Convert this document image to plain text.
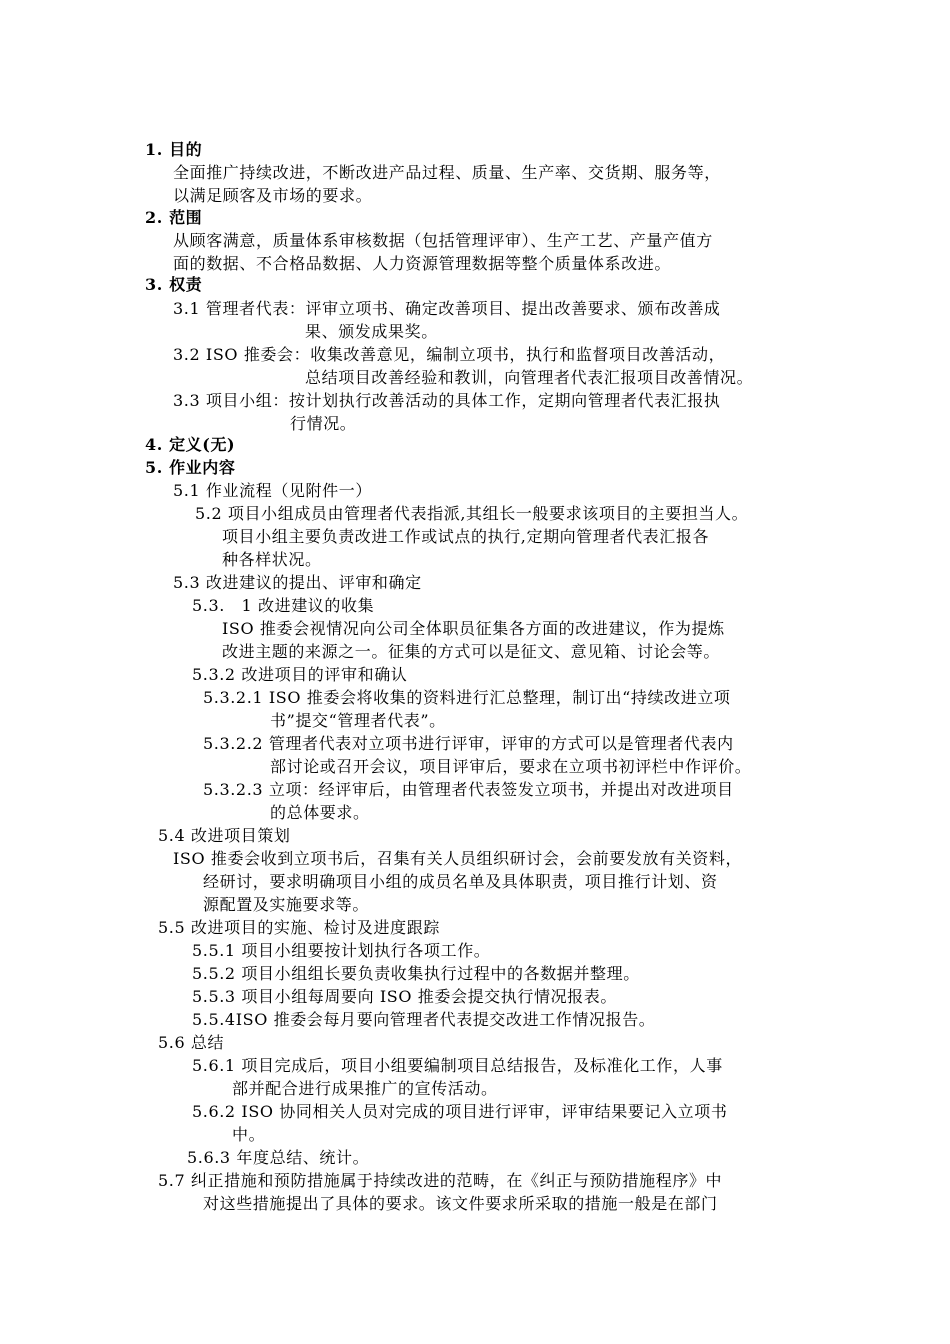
1. 目的
全面推广持续改进，不断改进产品过程、质量、生产率、交货期、服务等，
以满足顾客及市场的要求。
2. 范围
从顾客满意，质量体系审核数据（包括管理评审）、生产工艺、产量产值方
面的数据、不合格品数据、人力资源管理数据等整个质量体系改进。
3. 权责
3.1 管理者代表：评审立项书、确定改善项目、提出改善要求、颁布改善成
果、颁发成果奖。
3.2 ISO 推委会：收集改善意见，编制立项书，执行和监督项目改善活动，
总结项目改善经验和教训，向管理者代表汇报项目改善情况。
3.3 项目小组：按计划执行改善活动的具体工作，定期向管理者代表汇报执
行情况。
4. 定义(无)
5. 作业内容
5.1 作业流程（见附件一）
5.2 项目小组成员由管理者代表指派,其组长一般要求该项目的主要担当人。
项目小组主要负责改进工作或试点的执行,定期向管理者代表汇报各
种各样状况。
5.3 改进建议的提出、评审和确定
5.3.　1 改进建议的收集
ISO 推委会视情况向公司全体职员征集各方面的改进建议，作为提炼
改进主题的来源之一。征集的方式可以是征文、意见箱、讨论会等。
5.3.2 改进项目的评审和确认
5.3.2.1 ISO 推委会将收集的资料进行汇总整理，制订出“持续改进立项
书”提交“管理者代表”。
5.3.2.2 管理者代表对立项书进行评审，评审的方式可以是管理者代表内
部讨论或召开会议，项目评审后，要求在立项书初评栏中作评价。
5.3.2.3 立项：经评审后，由管理者代表签发立项书，并提出对改进项目
的总体要求。
5.4 改进项目策划
ISO 推委会收到立项书后，召集有关人员组织研讨会，会前要发放有关资料，
经研讨，要求明确项目小组的成员名单及具体职责，项目推行计划、资
源配置及实施要求等。
5.5 改进项目的实施、检讨及进度跟踪
5.5.1 项目小组要按计划执行各项工作。
5.5.2 项目小组组长要负责收集执行过程中的各数据并整理。
5.5.3 项目小组每周要向 ISO 推委会提交执行情况报表。
5.5.4ISO 推委会每月要向管理者代表提交改进工作情况报告。
5.6 总结
5.6.1 项目完成后，项目小组要编制项目总结报告，及标准化工作，人事
部并配合进行成果推广的宣传活动。
5.6.2 ISO 协同相关人员对完成的项目进行评审，评审结果要记入立项书
中。
5.6.3 年度总结、统计。
5.7 纠正措施和预防措施属于持续改进的范畴，在《纠正与预防措施程序》中
对这些措施提出了具体的要求。该文件要求所采取的措施一般是在部门
